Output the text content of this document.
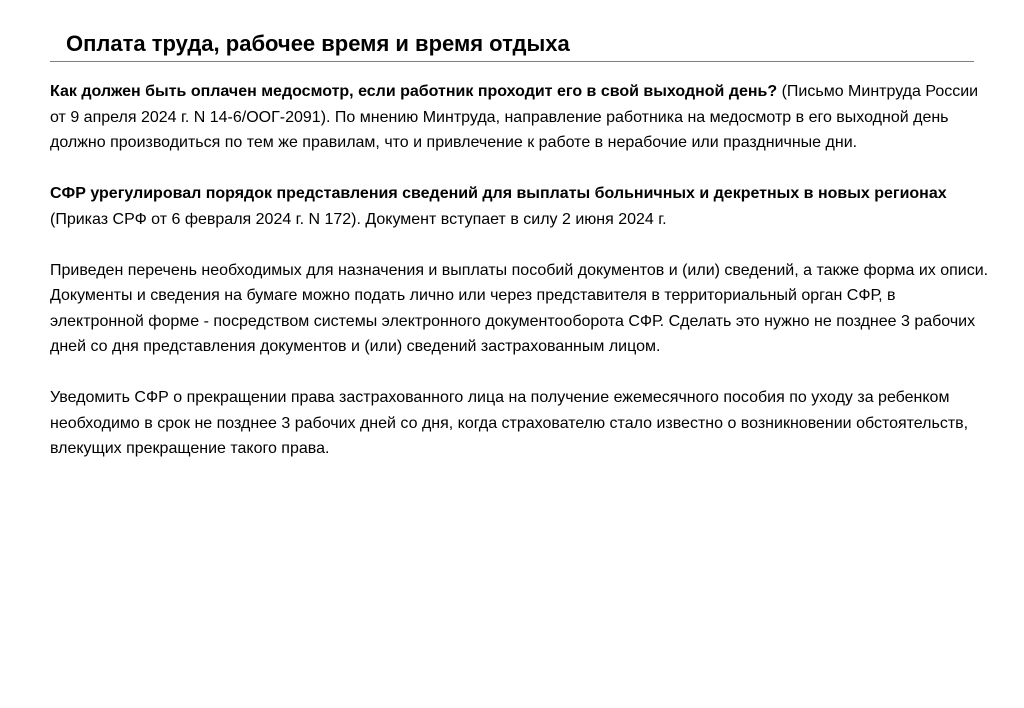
Оплата труда, рабочее время и время отдыха

Как должен быть оплачен медосмотр, если работник проходит его в свой выходной день? (Письмо Минтруда России от 9 апреля 2024 г. N 14-6/ООГ-2091). По мнению Минтруда, направление работника на медосмотр в его выходной день должно производиться по тем же правилам, что и привлечение к работе в нерабочие или праздничные дни.

СФР урегулировал порядок представления сведений для выплаты больничных и декретных в новых регионах (Приказ СРФ от 6 февраля 2024 г. N 172). Документ вступает в силу 2 июня 2024 г.

Приведен перечень необходимых для назначения и выплаты пособий документов и (или) сведений, а также форма их описи. Документы и сведения на бумаге можно подать лично или через представителя в территориальный орган СФР, в электронной форме - посредством системы электронного документооборота СФР. Сделать это нужно не позднее 3 рабочих дней со дня представления документов и (или) сведений застрахованным лицом.

Уведомить СФР о прекращении права застрахованного лица на получение ежемесячного пособия по уходу за ребенком необходимо в срок не позднее 3 рабочих дней со дня, когда страхователю стало известно о возникновении обстоятельств, влекущих прекращение такого права.
